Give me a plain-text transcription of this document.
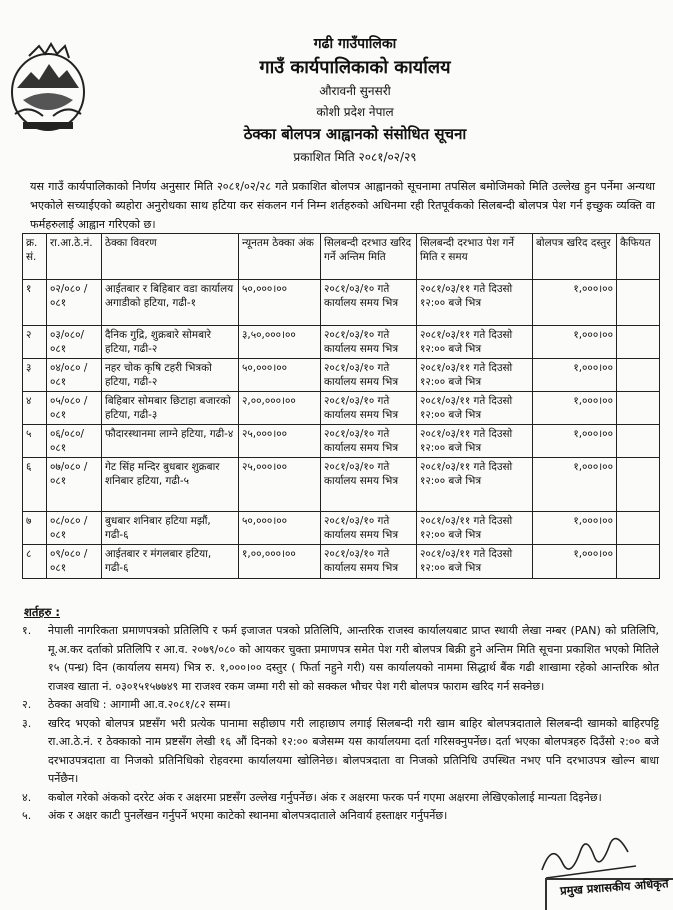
गढी गाउँपालिका
गाउँ कार्यपालिकाको कार्यालय
औरावनी सुनसरी
कोशी प्रदेश नेपाल
ठेक्का बोलपत्र आह्वानको संसोधित सूचना
प्रकाशित मिति २०८१/०२/२९
यस गाउँ कार्यपालिकाको निर्णय अनुसार मिति २०८१/०२/२८ गते प्रकाशित बोलपत्र आह्वानको सूचनामा तपसिल बमोजिमको मिति उल्लेख हुन पर्नेमा अन्यथा भएकोले सच्याईएको ब्यहोरा अनुरोधका साथ हटिया कर संकलन गर्न निम्न शर्तहरुको अधिनमा रही रितपूर्वकको सिलबन्दी बोलपत्र पेश गर्न इच्छुक व्यक्ति वा फर्महरुलाई आह्वान गरिएको छ।
क्र. सं.	रा.आ.ठे.नं.	ठेक्का विवरण	न्यूनतम ठेक्का अंक	सिलबन्दी दरभाउ खरिद गर्ने अन्तिम मिति	सिलबन्दी दरभाउ पेश गर्ने मिति र समय	बोलपत्र खरिद दस्तुर	कैफियत
१	०२/०८० /०८१	आईतबार र बिहिबार वडा कार्यालय अगाडीको हटिया, गढी-१	५०,०००।००	२०८१/०३/१० गते कार्यालय समय भित्र	२०८१/०३/११ गते दिउसो १२:०० बजे भित्र	१,०००।००	
२	०३/०८०/ ०८१	दैनिक गुद्रि, शुक्रबारे सोमबारे हटिया, गढी-२	३,५०,०००।००	२०८१/०३/१० गते कार्यालय समय भित्र	२०८१/०३/११ गते दिउसो १२:०० बजे भित्र	१,०००।००	
३	०४/०८० /०८१	नहर चोक कृषि टहरी भित्रको हटिया, गढी-२	५०,०००।००	२०८१/०३/१० गते कार्यालय समय भित्र	२०८१/०३/११ गते दिउसो १२:०० बजे भित्र	१,०००।००	
४	०५/०८० /०८१	बिहिबार सोमबार छिटाहा बजारको हटिया, गढी-३	२,००,०००।००	२०८१/०३/१० गते कार्यालय समय भित्र	२०८१/०३/११ गते दिउसो १२:०० बजे भित्र	१,०००।००	
५	०६/०८०/ ०८१	फौदारस्थानमा लाग्ने हटिया, गढी-४	२५,०००।००	२०८१/०३/१० गते कार्यालय समय भित्र	२०८१/०३/११ गते दिउसो १२:०० बजे भित्र	१,०००।००	
६	०७/०८० /०८१	गेट सिंह मन्दिर बुधबार शुक्रबार शनिबार हटिया, गढी-५	२५,०००।००	२०८१/०३/१० गते कार्यालय समय भित्र	२०८१/०३/११ गते दिउसो १२:०० बजे भित्र	१,०००।००	
७	०८/०८० /०८१	बुधबार शनिबार हटिया मझौं, गढी-६	५०,०००।००	२०८१/०३/१० गते कार्यालय समय भित्र	२०८१/०३/११ गते दिउसो १२:०० बजे भित्र	१,०००।००	
८	०९/०८० /०८१	आईतबार र मंगलबार हटिया, गढी-६	१,००,०००।००	२०८१/०३/१० गते कार्यालय समय भित्र	२०८१/०३/११ गते दिउसो १२:०० बजे भित्र	१,०००।००	
शर्तहरु :
१.	नेपाली नागरिकता प्रमाणपत्रको प्रतिलिपि र फर्म इजाजत पत्रको प्रतिलिपि, आन्तरिक राजस्व कार्यालयबाट प्राप्त स्थायी लेखा नम्बर (PAN) को प्रतिलिपि, मू.अ.कर दर्ताको प्रतिलिपि र आ.व. २०७९/०८० को आयकर चुक्ता प्रमाणपत्र समेत पेश गरी बोलपत्र बिक्री हुने अन्तिम मिति सूचना प्रकाशित भएको मितिले १५ (पन्ध्र) दिन (कार्यालय समय) भित्र रु. १,०००।०० दस्तुर ( फिर्ता नहुने गरी) यस कार्यालयको नाममा सिद्धार्थ बैंक गढी शाखामा रहेको आन्तरिक श्रोत राजश्व खाता नं. ०३०१५१५७७४९ मा राजश्व रकम जम्मा गरी सो को सक्कल भौचर पेश गरी बोलपत्र फाराम खरिद गर्न सक्नेछ।
२.	ठेक्का अवधि : आगामी आ.व.२०८१/८२ सम्म।
३.	खरिद भएको बोलपत्र प्रष्टसँग भरी प्रत्येक पानामा सहीछाप गरी लाहाछाप लगाई सिलबन्दी गरी खाम बाहिर बोलपत्रदाताले सिलबन्दी खामको बाहिरपट्टि रा.आ.ठे.नं. र ठेक्काको नाम प्रष्टसँग लेखी १६ औं दिनको १२:०० बजेसम्म यस कार्यालयमा दर्ता गरिसक्नुपर्नेछ। दर्ता भएका बोलपत्रहरु दिउँसो २:०० बजे दरभाउपत्रदाता वा निजको प्रतिनिधिको रोहवरमा कार्यालयमा खोलिनेछ। बोलपत्रदाता वा निजको प्रतिनिधि उपस्थित नभए पनि दरभाउपत्र खोल्न बाधा पर्नेछैन।
४.	कबोल गरेको अंकको दररेट अंक र अक्षरमा प्रष्टसँग उल्लेख गर्नुपर्नेछ। अंक र अक्षरमा फरक पर्न गएमा अक्षरमा लेखिएकोलाई मान्यता दिइनेछ।
५.	अंक र अक्षर काटी पुनर्लेखन गर्नुपर्ने भएमा काटेको स्थानमा बोलपत्रदाताले अनिवार्य हस्ताक्षर गर्नुपर्नेछ।
प्रमुख प्रशासकीय अधिकृत
